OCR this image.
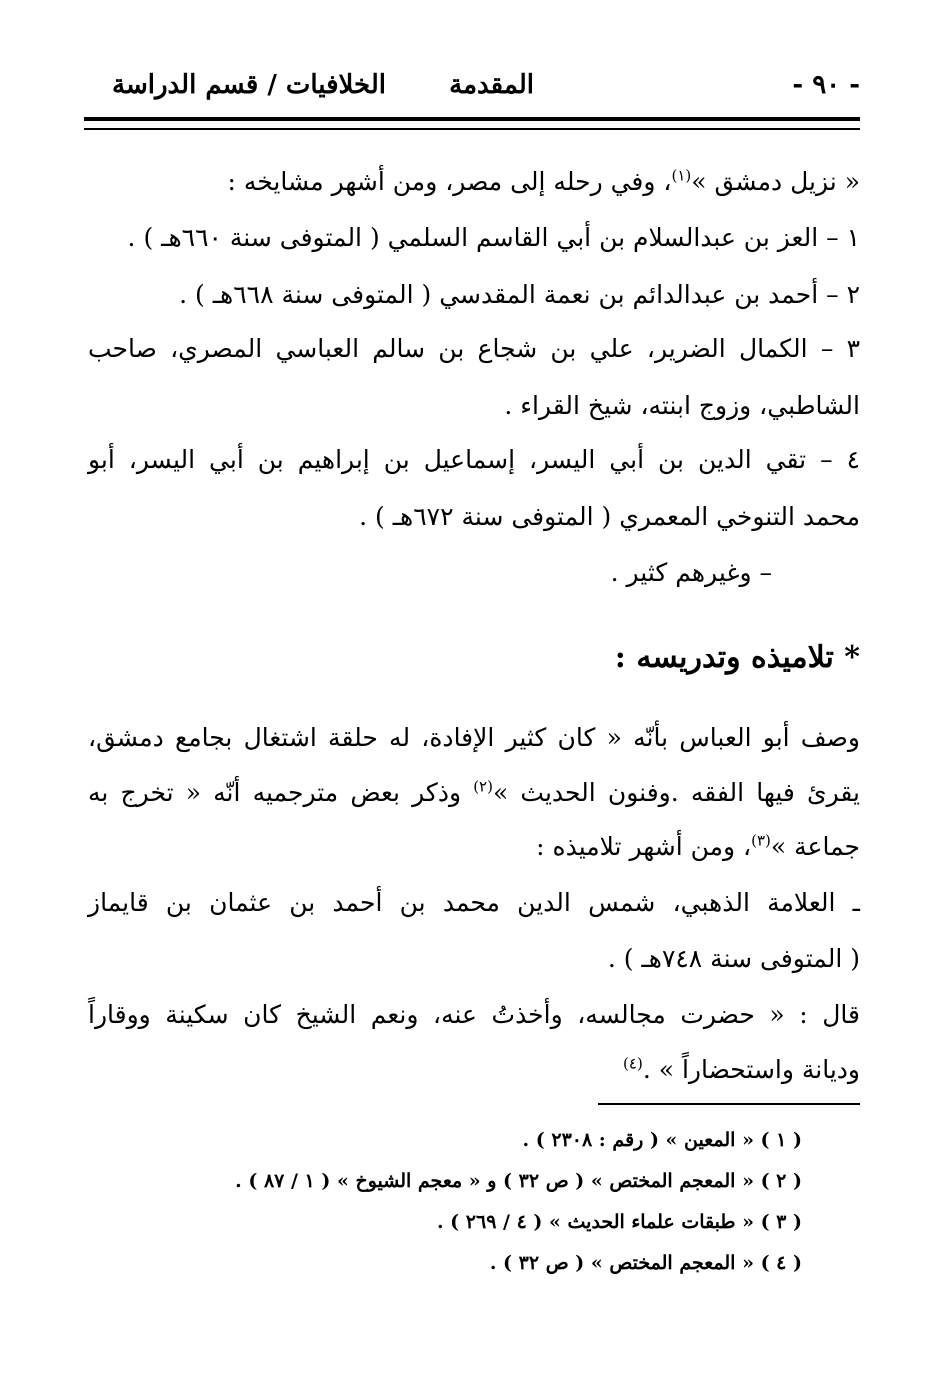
- ٩٠ -
المقدمة
الخلافيات / قسم الدراسة
« نزيل دمشق »$^{(١)}$، وفي رحله إلى مصر، ومن أشهر مشايخه :
١ – العز بن عبدالسلام بن أبي القاسم السلمي ( المتوفى سنة ٦٦٠هـ ) .
٢ – أحمد بن عبدالدائم بن نعمة المقدسي ( المتوفى سنة ٦٦٨هـ ) .
٣ – الكمال الضرير، علي بن شجاع بن سالم العباسي المصري، صاحب
الشاطبي، وزوج ابنته، شيخ القراء .
٤ – تقي الدين بن أبي اليسر، إسماعيل بن إبراهيم بن أبي اليسر، أبو
محمد التنوخي المعمري ( المتوفى سنة ٦٧٢هـ ) .
– وغيرهم كثير .
* تلاميذه وتدريسه :
وصف أبو العباس بأنّه « كان كثير الإفادة، له حلقة اشتغال بجامع دمشق،
يقرئ فيها الفقه .وفنون الحديث »$^{(٢)}$ وذكر بعض مترجميه أنّه « تخرج به
جماعة »$^{(٣)}$، ومن أشهر تلاميذه :
ـ العلامة الذهبي، شمس الدين محمد بن أحمد بن عثمان بن قايماز
( المتوفى سنة ٧٤٨هـ ) .
قال : « حضرت مجالسه، وأخذتُ عنه، ونعم الشيخ كان سكينة ووقاراً
وديانة واستحضاراً » .$^{(٤)}$
( ١ ) « المعين » ( رقم : ٢٣٠٨ ) .
( ٢ ) « المعجم المختص » ( ص ٣٢ ) و « معجم الشيوخ » ( ١ / ٨٧ ) .
( ٣ ) « طبقات علماء الحديث » ( ٤ / ٢٦٩ ) .
( ٤ ) « المعجم المختص » ( ص ٣٢ ) .
